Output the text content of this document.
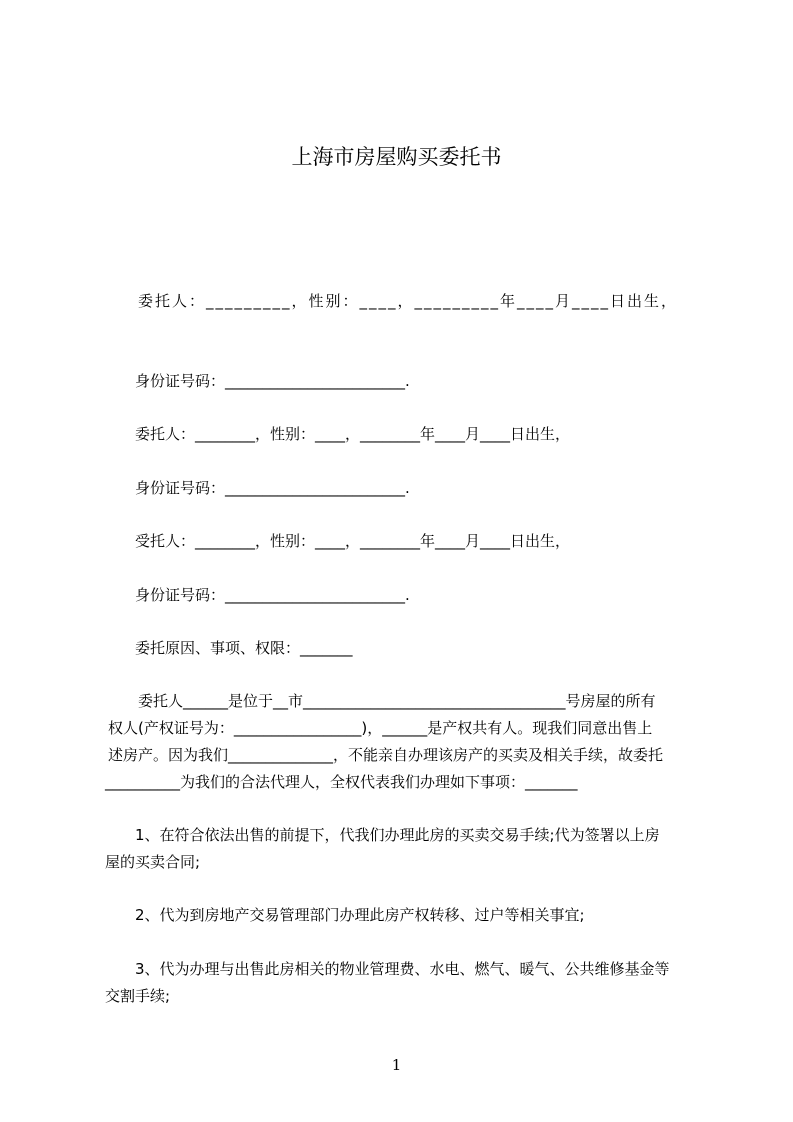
上海市房屋购买委托书
委托人：_________，性别：____，_________年____月____日出生，
身份证号码：________________________.
委托人：________，性别：____，________年____月____日出生，
身份证号码：________________________.
受托人：________，性别：____，________年____月____日出生，
身份证号码：________________________.
委托原因、事项、权限：_______
委托人______是位于__市___________________________________号房屋的所有
权人(产权证号为：_________________)，______是产权共有人。现我们同意出售上
述房产。因为我们______________，不能亲自办理该房产的买卖及相关手续，故委托
__________为我们的合法代理人，全权代表我们办理如下事项：_______
1、在符合依法出售的前提下，代我们办理此房的买卖交易手续;代为签署以上房
屋的买卖合同;
2、代为到房地产交易管理部门办理此房产权转移、过户等相关事宜;
3、代为办理与出售此房相关的物业管理费、水电、燃气、暖气、公共维修基金等
交割手续;
1
